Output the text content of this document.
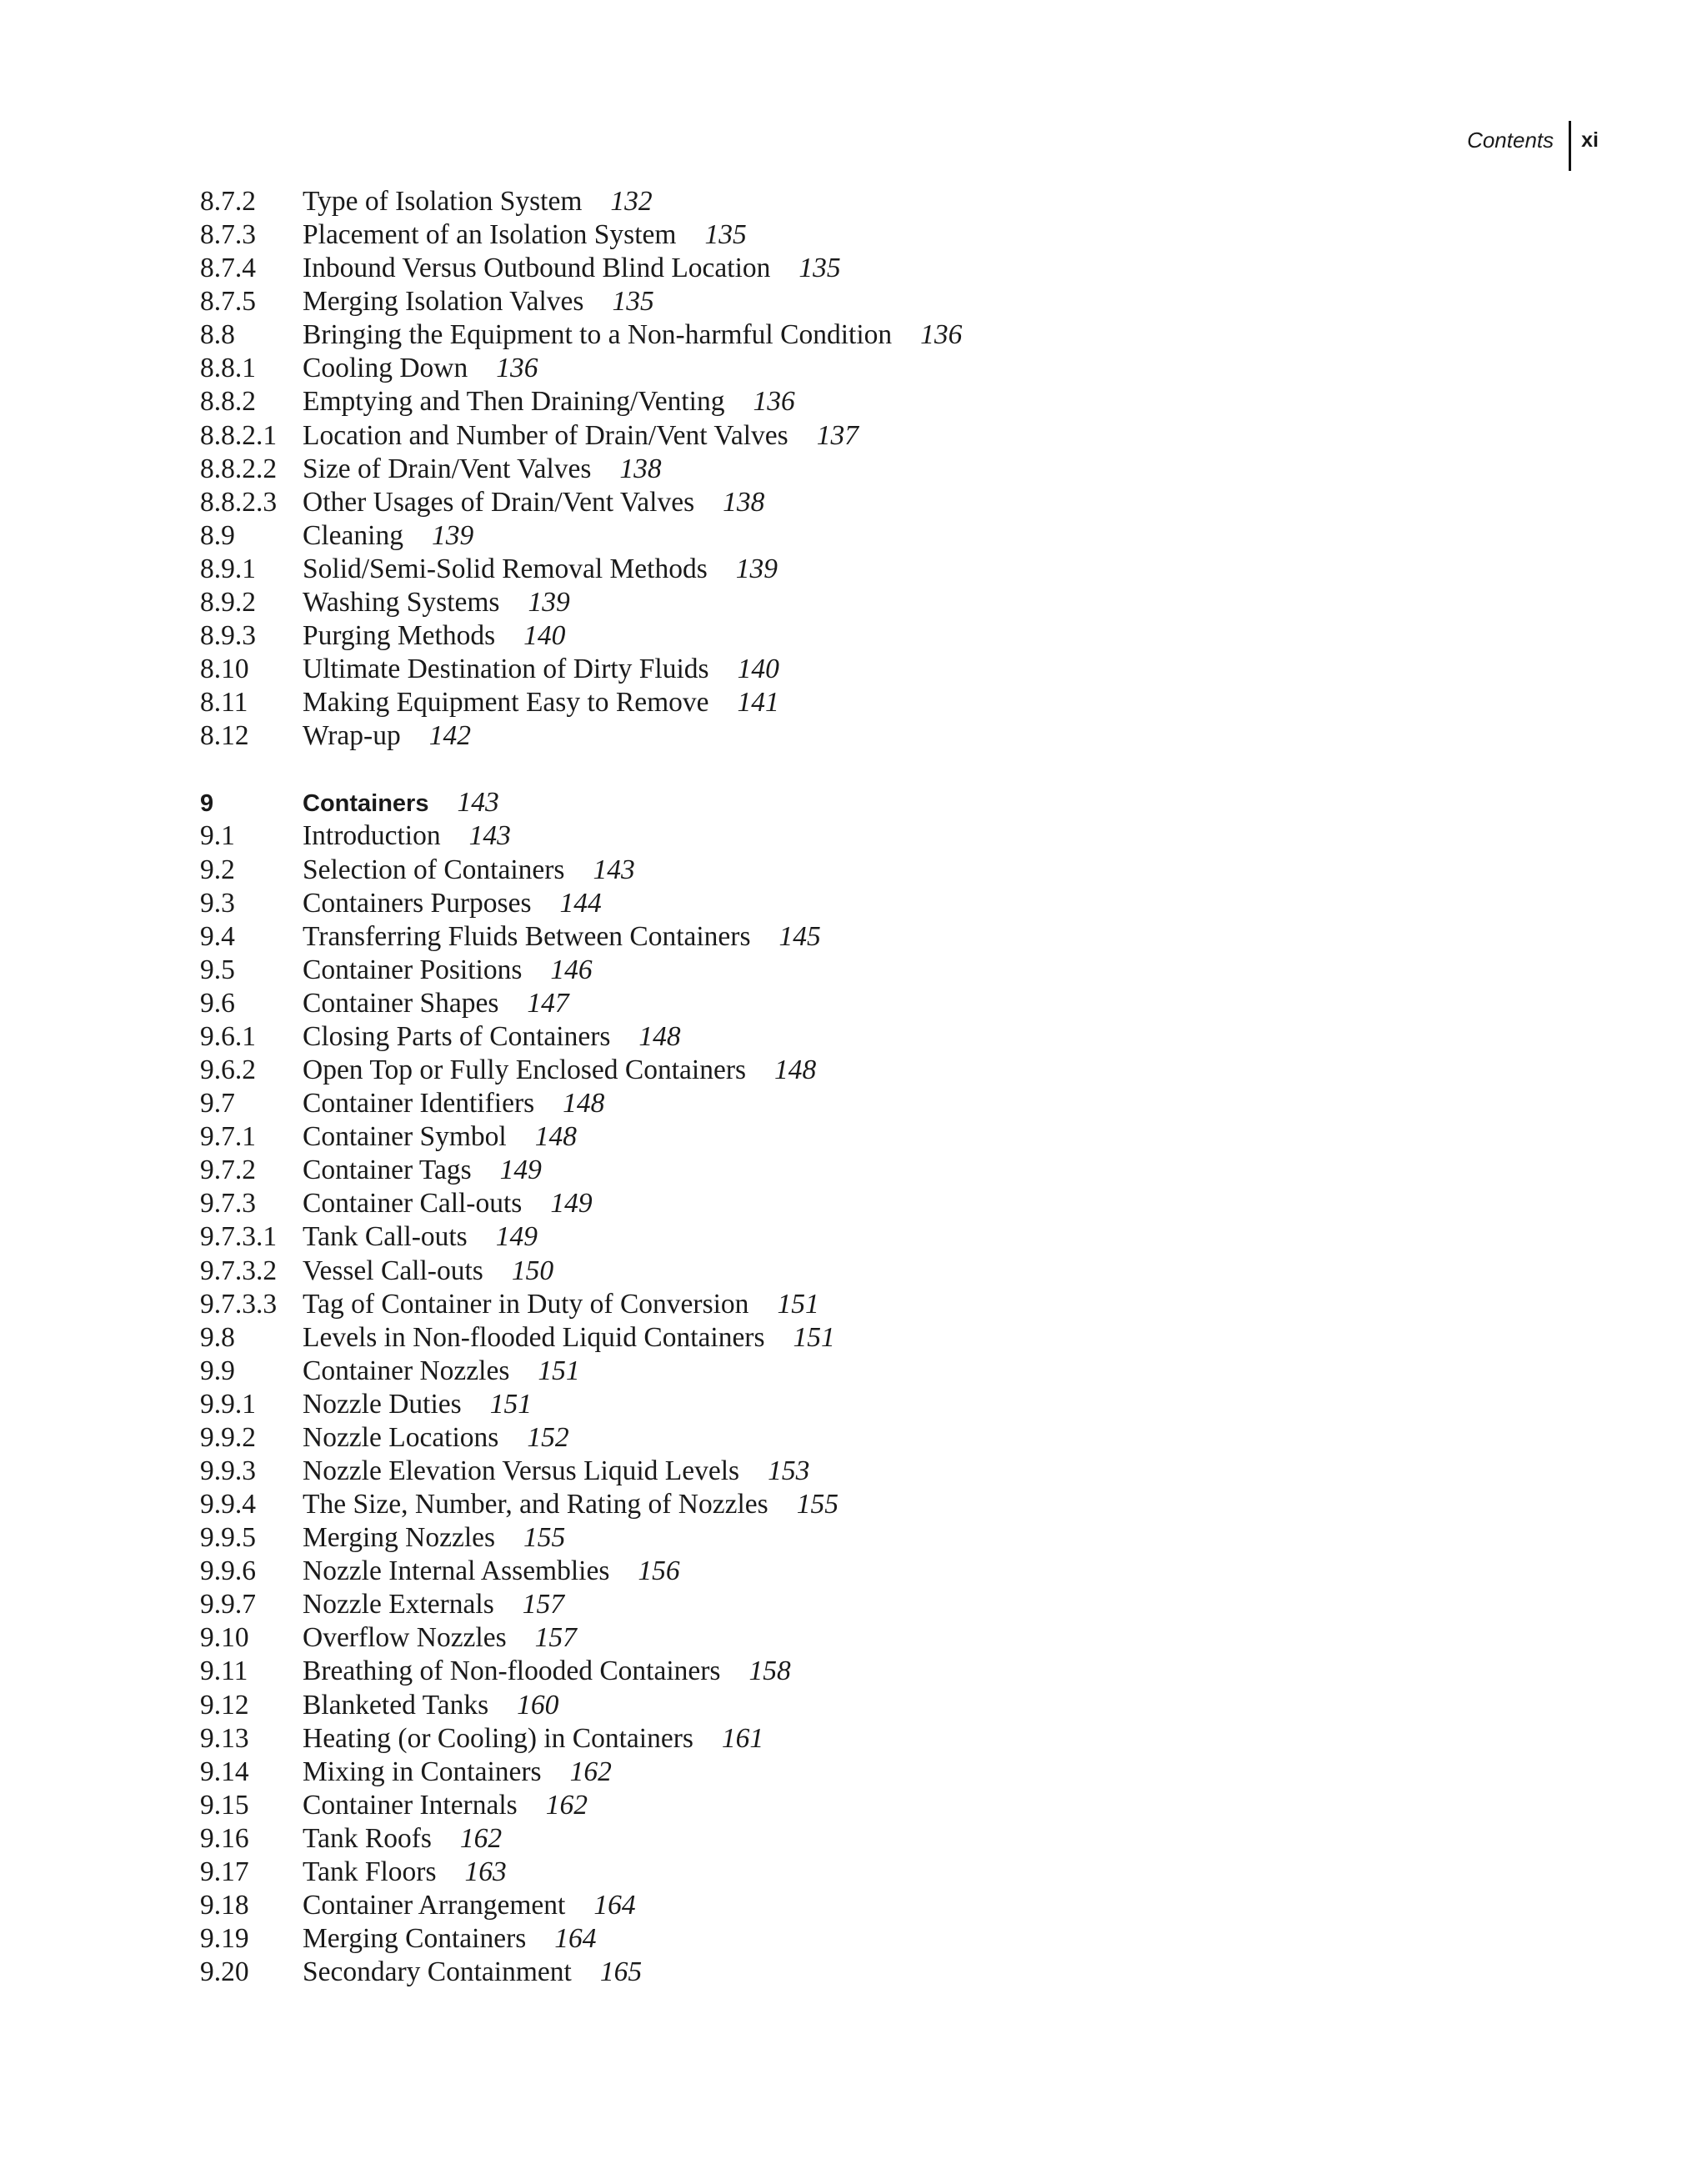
Contents	xi
8.7.2	Type of Isolation System 132
8.7.3	Placement of an Isolation System 135
8.7.4	Inbound Versus Outbound Blind Location 135
8.7.5	Merging Isolation Valves 135
8.8	Bringing the Equipment to a Non-harmful Condition 136
8.8.1	Cooling Down 136
8.8.2	Emptying and Then Draining/Venting 136
8.8.2.1 Location and Number of Drain/Vent Valves 137
8.8.2.2 Size of Drain/Vent Valves 138
8.8.2.3 Other Usages of Drain/Vent Valves 138
8.9	Cleaning 139
8.9.1	Solid/Semi-Solid Removal Methods 139
8.9.2	Washing Systems 139
8.9.3	Purging Methods 140
8.10	Ultimate Destination of Dirty Fluids 140
8.11	Making Equipment Easy to Remove 141
8.12	Wrap-up 142
9	Containers 143
9.1	Introduction 143
9.2	Selection of Containers 143
9.3	Containers Purposes 144
9.4	Transferring Fluids Between Containers 145
9.5	Container Positions 146
9.6	Container Shapes 147
9.6.1	Closing Parts of Containers 148
9.6.2	Open Top or Fully Enclosed Containers 148
9.7	Container Identifiers 148
9.7.1	Container Symbol 148
9.7.2	Container Tags 149
9.7.3	Container Call-outs 149
9.7.3.1 Tank Call-outs 149
9.7.3.2 Vessel Call-outs 150
9.7.3.3 Tag of Container in Duty of Conversion 151
9.8	Levels in Non-flooded Liquid Containers 151
9.9	Container Nozzles 151
9.9.1	Nozzle Duties 151
9.9.2	Nozzle Locations 152
9.9.3	Nozzle Elevation Versus Liquid Levels 153
9.9.4	The Size, Number, and Rating of Nozzles 155
9.9.5	Merging Nozzles 155
9.9.6	Nozzle Internal Assemblies 156
9.9.7	Nozzle Externals 157
9.10	Overflow Nozzles 157
9.11	Breathing of Non-flooded Containers 158
9.12	Blanketed Tanks 160
9.13	Heating (or Cooling) in Containers 161
9.14	Mixing in Containers 162
9.15	Container Internals 162
9.16	Tank Roofs 162
9.17	Tank Floors 163
9.18	Container Arrangement 164
9.19	Merging Containers 164
9.20	Secondary Containment 165
